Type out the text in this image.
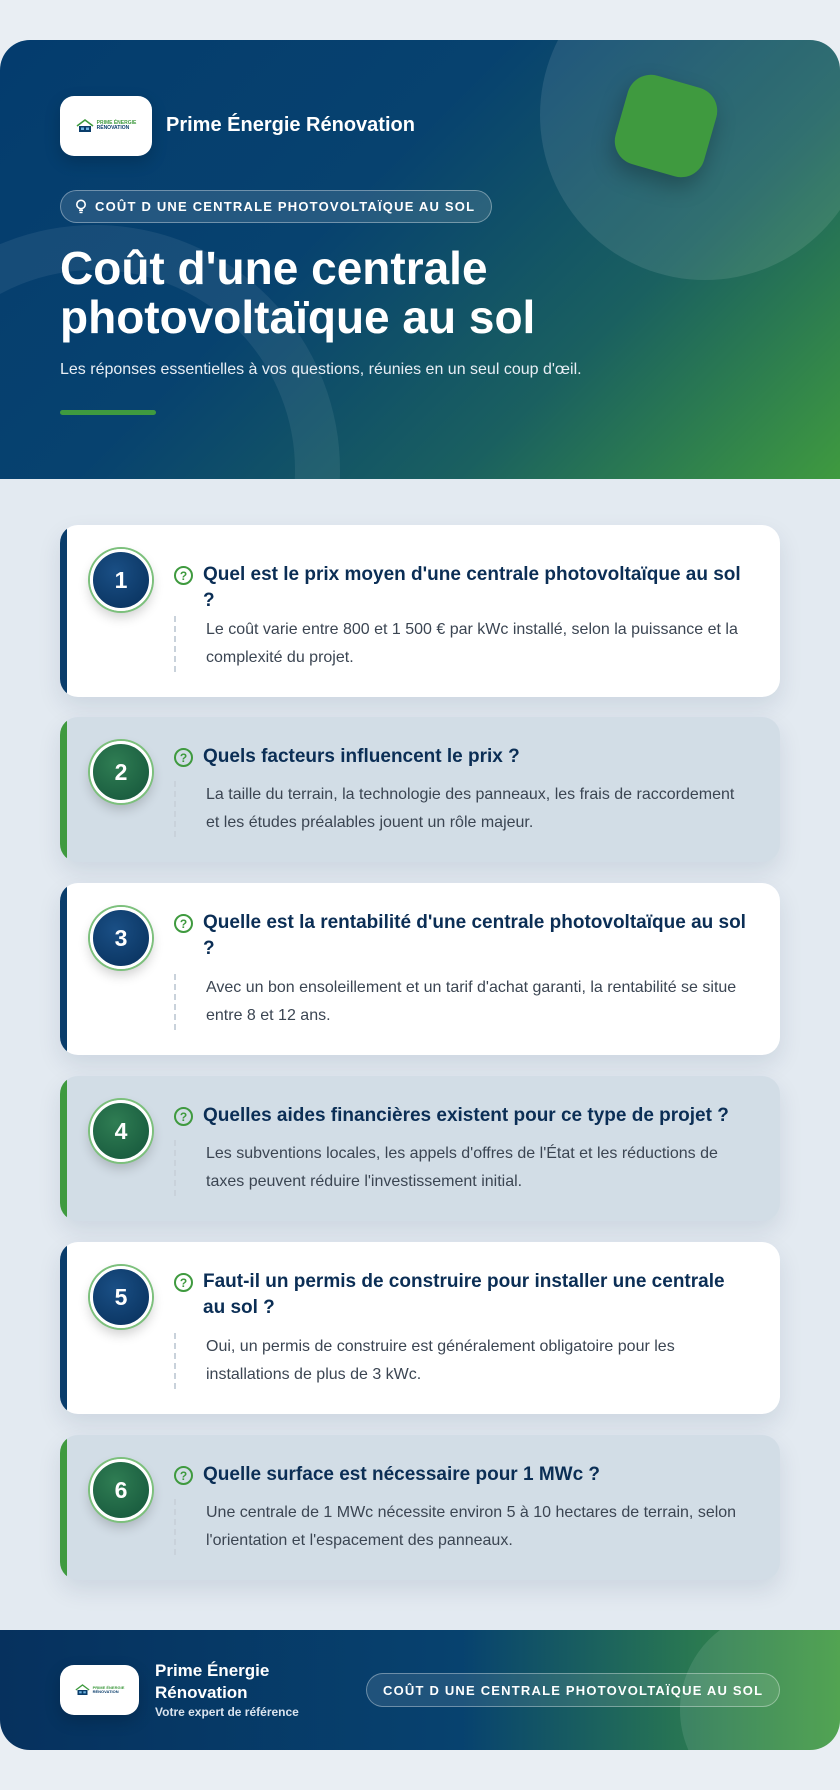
PRIME ÉNERGIE
RÉNOVATION	Prime Énergie Rénovation
COÛT D UNE CENTRALE PHOTOVOLTAÏQUE AU SOL
Coût d'une centrale photovoltaïque au sol

Les réponses essentielles à vos questions, réunies en un seul coup d'œil.

1	? Quel est le prix moyen d'une centrale photovoltaïque au sol ?
Le coût varie entre 800 et 1 500 € par kWc installé, selon la puissance et la complexité du projet.
2
? Quels facteurs influencent le prix ?
La taille du terrain, la technologie des panneaux, les frais de raccordement et les études préalables jouent un rôle majeur.
3
? Quelle est la rentabilité d'une centrale photovoltaïque au sol ?
Avec un bon ensoleillement et un tarif d'achat garanti, la rentabilité se situe entre 8 et 12 ans.
4
? Quelles aides financières existent pour ce type de projet ?
Les subventions locales, les appels d'offres de l'État et les réductions de taxes peuvent réduire l'investissement initial.
5
? Faut-il un permis de construire pour installer une centrale au sol ?
Oui, un permis de construire est généralement obligatoire pour les installations de plus de 3 kWc.
6
? Quelle surface est nécessaire pour 1 MWc ?
Une centrale de 1 MWc nécessite environ 5 à 10 hectares de terrain, selon l'orientation et l'espacement des panneaux.
PRIME ÉNERGIE
RÉNOVATION
Prime Énergie Rénovation
Votre expert de référence
COÛT D UNE CENTRALE PHOTOVOLTAÏQUE AU SOL
